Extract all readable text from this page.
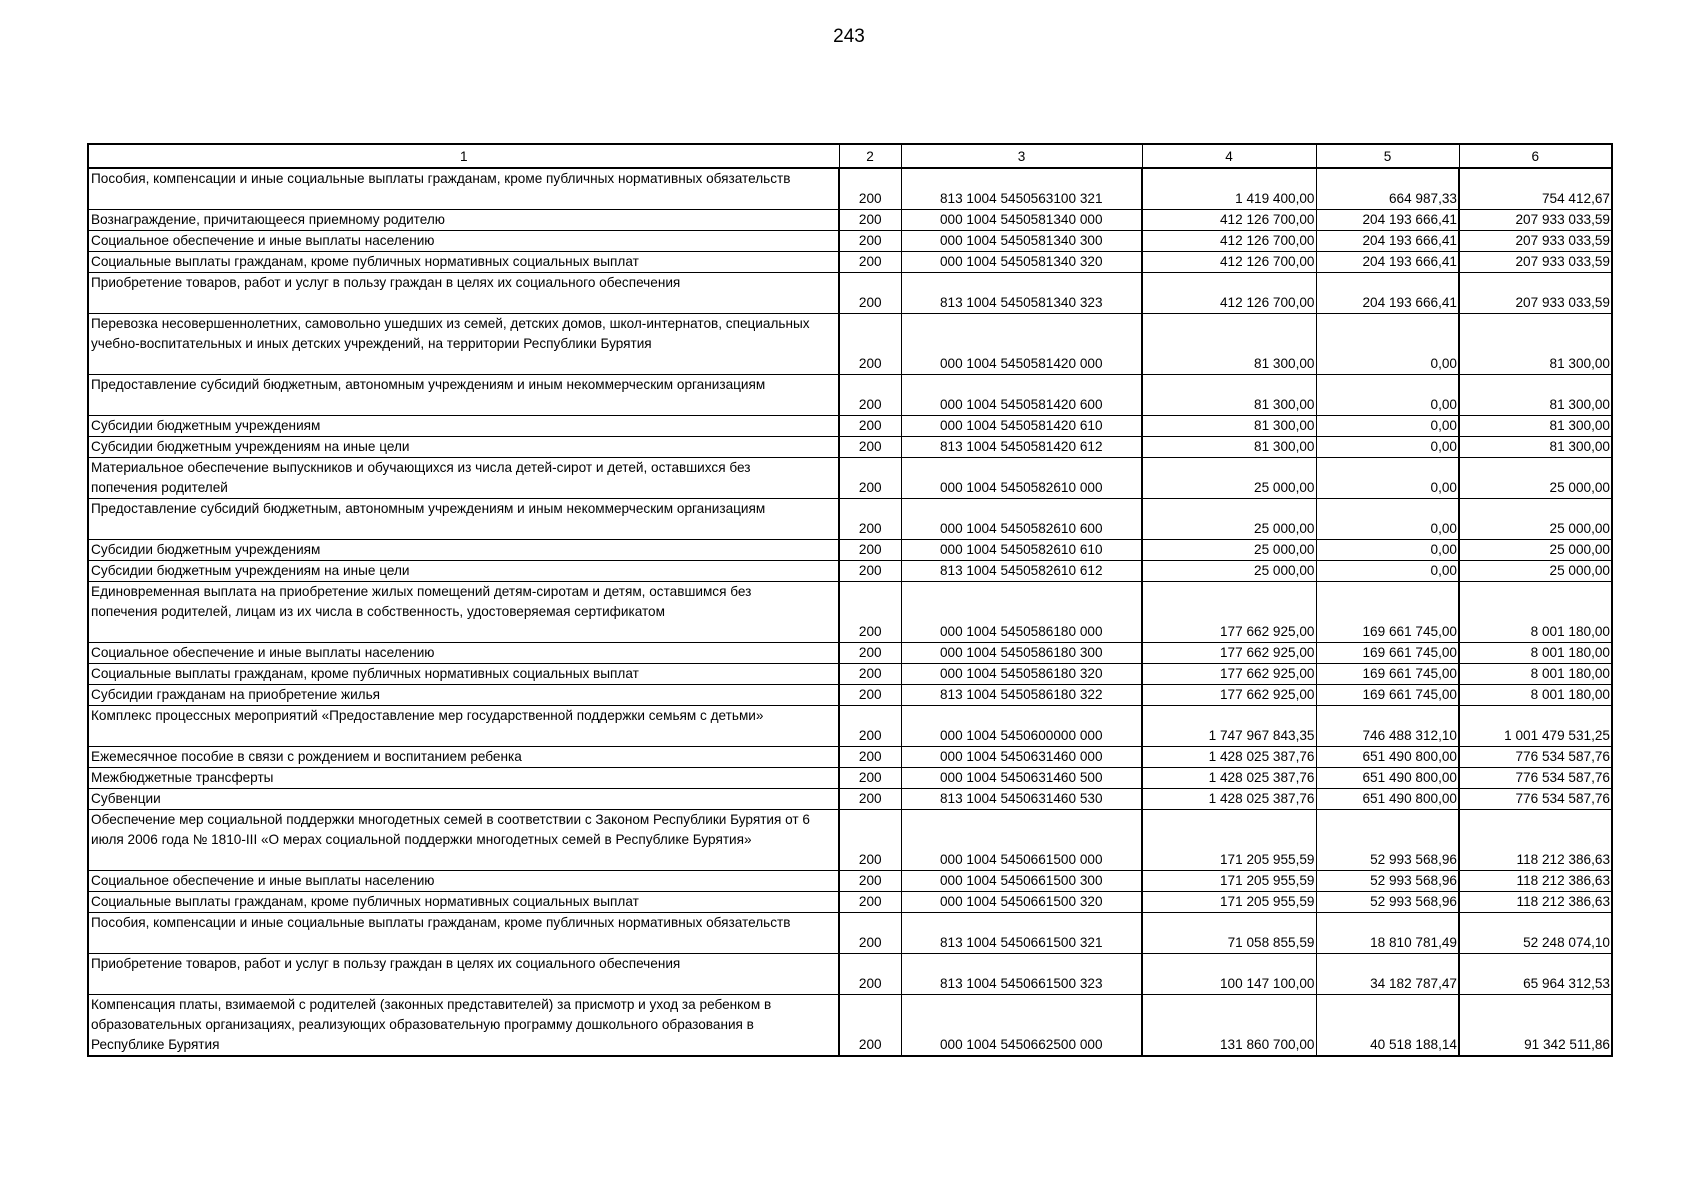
243
1	2	3	4	5	6
Пособия, компенсации и иные социальные выплаты гражданам, кроме публичных нормативных обязательств	200	813 1004 5450563100 321	1 419 400,00	664 987,33	754 412,67
Вознаграждение, причитающееся приемному родителю	200	000 1004 5450581340 000	412 126 700,00	204 193 666,41	207 933 033,59
Социальное обеспечение и иные выплаты населению	200	000 1004 5450581340 300	412 126 700,00	204 193 666,41	207 933 033,59
Социальные выплаты гражданам, кроме публичных нормативных социальных выплат	200	000 1004 5450581340 320	412 126 700,00	204 193 666,41	207 933 033,59
Приобретение товаров, работ и услуг в пользу граждан в целях их социального обеспечения	200	813 1004 5450581340 323	412 126 700,00	204 193 666,41	207 933 033,59
Перевозка несовершеннолетних, самовольно ушедших из семей, детских домов, школ-интернатов, специальных учебно-воспитательных и иных детских учреждений, на территории Республики Бурятия	200	000 1004 5450581420 000	81 300,00	0,00	81 300,00
Предоставление субсидий бюджетным, автономным учреждениям и иным некоммерческим организациям	200	000 1004 5450581420 600	81 300,00	0,00	81 300,00
Субсидии бюджетным учреждениям	200	000 1004 5450581420 610	81 300,00	0,00	81 300,00
Субсидии бюджетным учреждениям на иные цели	200	813 1004 5450581420 612	81 300,00	0,00	81 300,00
Материальное обеспечение выпускников и обучающихся из числа детей-сирот и детей, оставшихся без попечения родителей	200	000 1004 5450582610 000	25 000,00	0,00	25 000,00
Предоставление субсидий бюджетным, автономным учреждениям и иным некоммерческим организациям	200	000 1004 5450582610 600	25 000,00	0,00	25 000,00
Субсидии бюджетным учреждениям	200	000 1004 5450582610 610	25 000,00	0,00	25 000,00
Субсидии бюджетным учреждениям на иные цели	200	813 1004 5450582610 612	25 000,00	0,00	25 000,00
Единовременная выплата на приобретение жилых помещений детям-сиротам и детям, оставшимся без попечения родителей, лицам из их числа в собственность, удостоверяемая сертификатом	200	000 1004 5450586180 000	177 662 925,00	169 661 745,00	8 001 180,00
Социальное обеспечение и иные выплаты населению	200	000 1004 5450586180 300	177 662 925,00	169 661 745,00	8 001 180,00
Социальные выплаты гражданам, кроме публичных нормативных социальных выплат	200	000 1004 5450586180 320	177 662 925,00	169 661 745,00	8 001 180,00
Субсидии гражданам на приобретение жилья	200	813 1004 5450586180 322	177 662 925,00	169 661 745,00	8 001 180,00
Комплекс процессных мероприятий «Предоставление мер государственной поддержки семьям с детьми»	200	000 1004 5450600000 000	1 747 967 843,35	746 488 312,10	1 001 479 531,25
Ежемесячное пособие в связи с рождением и воспитанием ребенка	200	000 1004 5450631460 000	1 428 025 387,76	651 490 800,00	776 534 587,76
Межбюджетные трансферты	200	000 1004 5450631460 500	1 428 025 387,76	651 490 800,00	776 534 587,76
Субвенции	200	813 1004 5450631460 530	1 428 025 387,76	651 490 800,00	776 534 587,76
Обеспечение мер социальной поддержки многодетных семей в соответствии с Законом Республики Бурятия от 6 июля 2006 года № 1810-III «О мерах социальной поддержки многодетных семей в Республике Бурятия»	200	000 1004 5450661500 000	171 205 955,59	52 993 568,96	118 212 386,63
Социальное обеспечение и иные выплаты населению	200	000 1004 5450661500 300	171 205 955,59	52 993 568,96	118 212 386,63
Социальные выплаты гражданам, кроме публичных нормативных социальных выплат	200	000 1004 5450661500 320	171 205 955,59	52 993 568,96	118 212 386,63
Пособия, компенсации и иные социальные выплаты гражданам, кроме публичных нормативных обязательств	200	813 1004 5450661500 321	71 058 855,59	18 810 781,49	52 248 074,10
Приобретение товаров, работ и услуг в пользу граждан в целях их социального обеспечения	200	813 1004 5450661500 323	100 147 100,00	34 182 787,47	65 964 312,53
Компенсация платы, взимаемой с родителей (законных представителей) за присмотр и уход за ребенком в образовательных организациях, реализующих образовательную программу дошкольного образования в Республике Бурятия	200	000 1004 5450662500 000	131 860 700,00	40 518 188,14	91 342 511,86
